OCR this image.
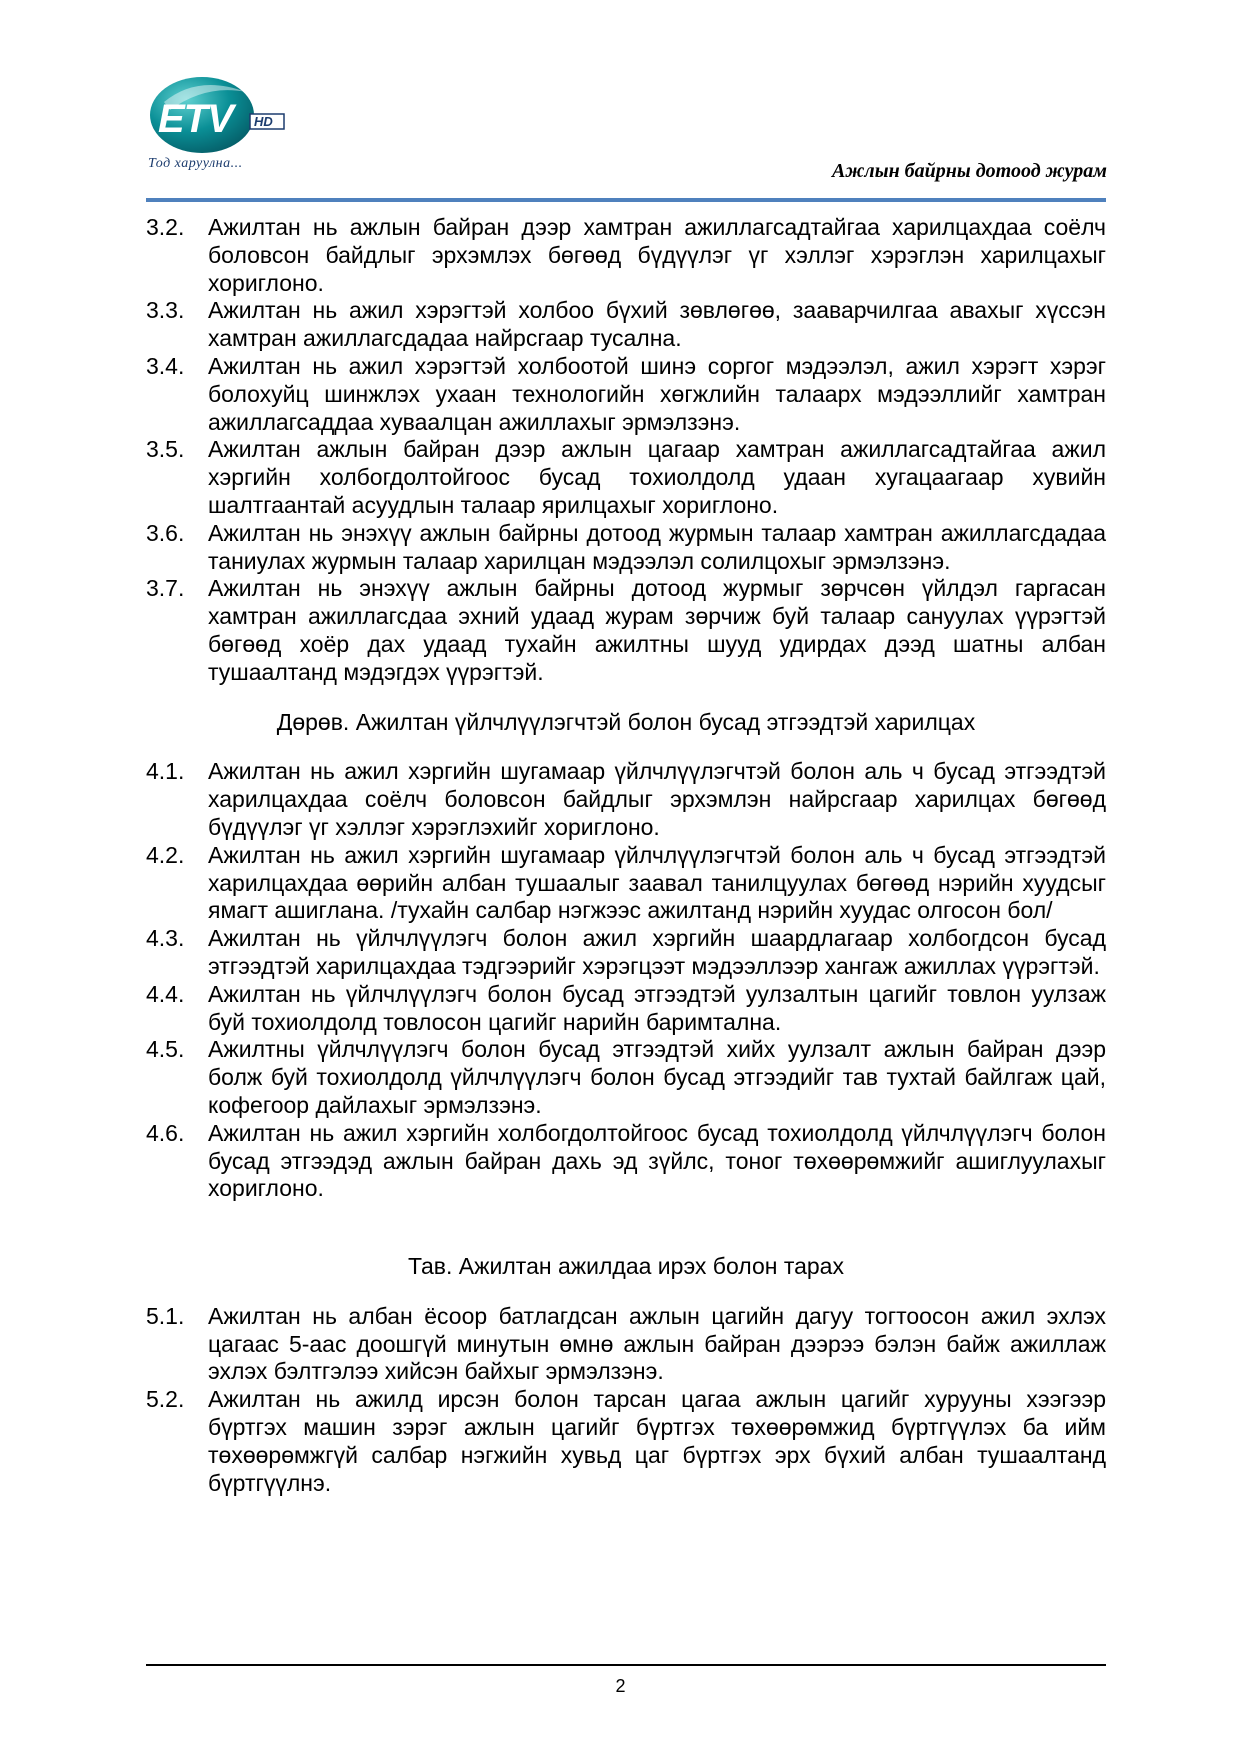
ETV	HD
Тод харуулна...	Ажлын байрны дотоод журам
3.2.	Ажилтан нь ажлын байран дээр хамтран ажиллагсадтайгаа харилцахдаа соёлч боловсон байдлыг эрхэмлэх бөгөөд бүдүүлэг үг хэллэг хэрэглэн харилцахыг хориглоно.
3.3.	Ажилтан нь ажил хэрэгтэй холбоо бүхий зөвлөгөө, зааварчилгаа авахыг хүссэн хамтран ажиллагсдадаа найрсгаар тусална.
3.4.	Ажилтан нь ажил хэрэгтэй холбоотой шинэ соргог мэдээлэл, ажил хэрэгт хэрэг болохуйц шинжлэх ухаан технологийн хөгжлийн талаарх мэдээллийг хамтран ажиллагсаддаа хуваалцан ажиллахыг эрмэлзэнэ.
3.5.	Ажилтан ажлын байран дээр ажлын цагаар хамтран ажиллагсадтайгаа ажил хэргийн холбогдолтойгоос бусад тохиолдолд удаан хугацаагаар хувийн шалтгаантай асуудлын талаар ярилцахыг хориглоно.
3.6.	Ажилтан нь энэхүү ажлын байрны дотоод журмын талаар хамтран ажиллагсдадаа таниулах журмын талаар харилцан мэдээлэл солилцохыг эрмэлзэнэ.
3.7.	Ажилтан нь энэхүү ажлын байрны дотоод журмыг зөрчсөн үйлдэл гаргасан хамтран ажиллагсдаа эхний удаад журам зөрчиж буй талаар сануулах үүрэгтэй бөгөөд хоёр дах удаад тухайн ажилтны шууд удирдах дээд шатны албан тушаалтанд мэдэгдэх үүрэгтэй.
Дөрөв. Ажилтан үйлчлүүлэгчтэй болон бусад этгээдтэй харилцах
4.1.	Ажилтан нь ажил хэргийн шугамаар үйлчлүүлэгчтэй болон аль ч бусад этгээдтэй харилцахдаа соёлч боловсон байдлыг эрхэмлэн найрсгаар харилцах бөгөөд бүдүүлэг үг хэллэг хэрэглэхийг хориглоно.
4.2.	Ажилтан нь ажил хэргийн шугамаар үйлчлүүлэгчтэй болон аль ч бусад этгээдтэй харилцахдаа өөрийн албан тушаалыг заавал танилцуулах бөгөөд нэрийн хуудсыг ямагт ашиглана. /тухайн салбар нэгжээс ажилтанд нэрийн хуудас олгосон бол/
4.3.	Ажилтан нь үйлчлүүлэгч болон ажил хэргийн шаардлагаар холбогдсон бусад этгээдтэй харилцахдаа тэдгээрийг хэрэгцээт мэдээллээр хангаж ажиллах үүрэгтэй.
4.4.	Ажилтан нь үйлчлүүлэгч болон бусад этгээдтэй уулзалтын цагийг товлон уулзаж буй тохиолдолд товлосон цагийг нарийн баримтална.
4.5.	Ажилтны үйлчлүүлэгч болон бусад этгээдтэй хийх уулзалт ажлын байран дээр болж буй тохиолдолд үйлчлүүлэгч болон бусад этгээдийг тав тухтай байлгаж цай, кофегоор дайлахыг эрмэлзэнэ.
4.6.	Ажилтан нь ажил хэргийн холбогдолтойгоос бусад тохиолдолд үйлчлүүлэгч болон бусад этгээдэд ажлын байран дахь эд зүйлс, тоног төхөөрөмжийг ашиглуулахыг хориглоно.
Тав. Ажилтан ажилдаа ирэх болон тарах
5.1.	Ажилтан нь албан ёсоор батлагдсан ажлын цагийн дагуу тогтоосон ажил эхлэх цагаас 5-аас доошгүй минутын өмнө ажлын байран дээрээ бэлэн байж ажиллаж эхлэх бэлтгэлээ хийсэн байхыг эрмэлзэнэ.
5.2.	Ажилтан нь ажилд ирсэн болон тарсан цагаа ажлын цагийг хурууны хээгээр бүртгэх машин зэрэг ажлын цагийг бүртгэх төхөөрөмжид бүртгүүлэх ба ийм төхөөрөмжгүй салбар нэгжийн хувьд цаг бүртгэх эрх бүхий албан тушаалтанд бүртгүүлнэ.
2
